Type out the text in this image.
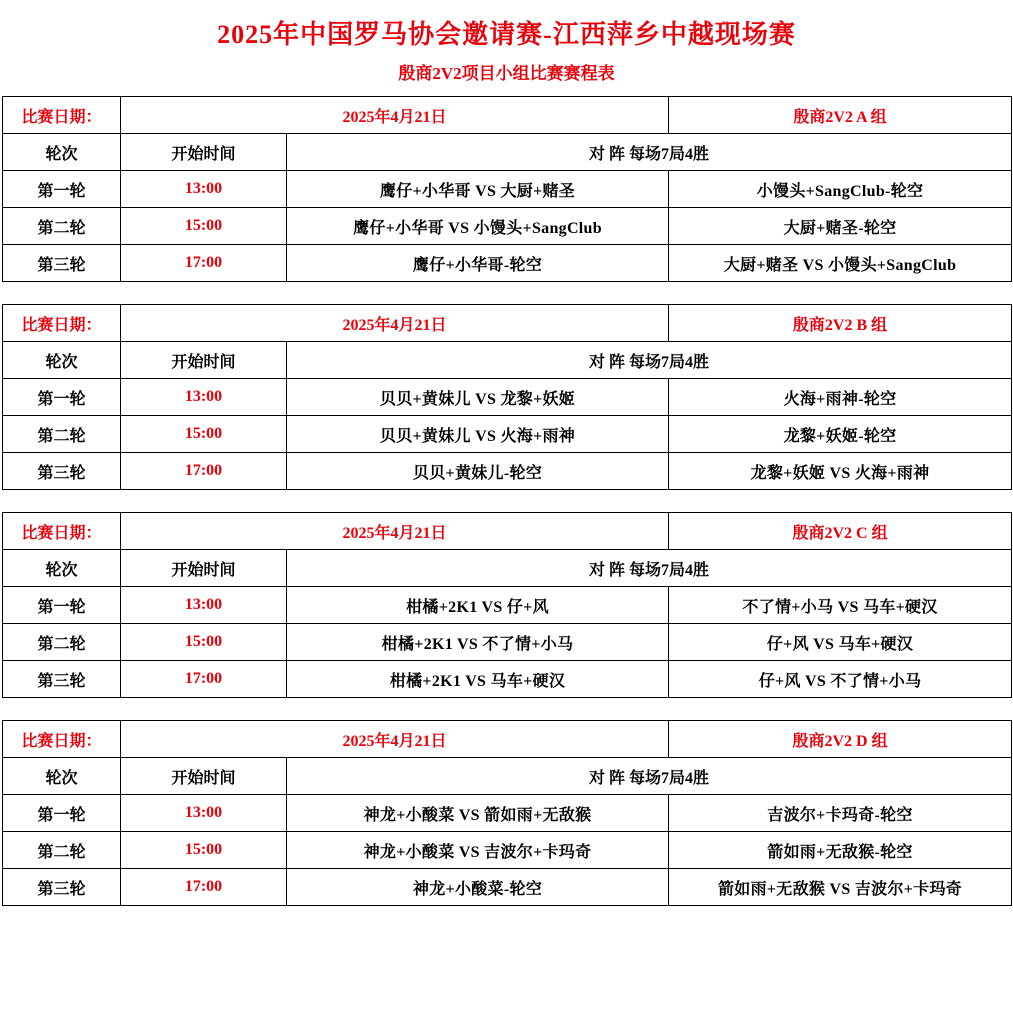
2025年中国罗马协会邀请赛-江西萍乡中越现场赛
殷商2V2项目小组比赛赛程表
比赛日期：	2025年4月21日		殷商2V2 A 组
轮次	开始时间	对 阵 每场7局4胜	
第一轮	13:00	鹰仔+小华哥 VS 大厨+赌圣	小馒头+SangClub-轮空
第二轮	15:00	鹰仔+小华哥 VS 小馒头+SangClub	大厨+赌圣-轮空
第三轮	17:00	鹰仔+小华哥-轮空	大厨+赌圣 VS 小馒头+SangClub
比赛日期：	2025年4月21日		殷商2V2 B 组
轮次	开始时间	对 阵 每场7局4胜	
第一轮	13:00	贝贝+黄妹儿 VS 龙黎+妖姬	火海+雨神-轮空
第二轮	15:00	贝贝+黄妹儿 VS 火海+雨神	龙黎+妖姬-轮空
第三轮	17:00	贝贝+黄妹儿-轮空	龙黎+妖姬 VS 火海+雨神
比赛日期：	2025年4月21日		殷商2V2 C 组
轮次	开始时间	对 阵 每场7局4胜	
第一轮	13:00	柑橘+2K1 VS 仔+风	不了情+小马 VS 马车+硬汉
第二轮	15:00	柑橘+2K1 VS 不了情+小马	仔+风 VS 马车+硬汉
第三轮	17:00	柑橘+2K1 VS 马车+硬汉	仔+风 VS 不了情+小马
比赛日期：	2025年4月21日		殷商2V2 D 组
轮次	开始时间	对 阵 每场7局4胜	
第一轮	13:00	神龙+小酸菜 VS 箭如雨+无敌猴	吉波尔+卡玛奇-轮空
第二轮	15:00	神龙+小酸菜 VS 吉波尔+卡玛奇	箭如雨+无敌猴-轮空
第三轮	17:00	神龙+小酸菜-轮空	箭如雨+无敌猴 VS 吉波尔+卡玛奇
